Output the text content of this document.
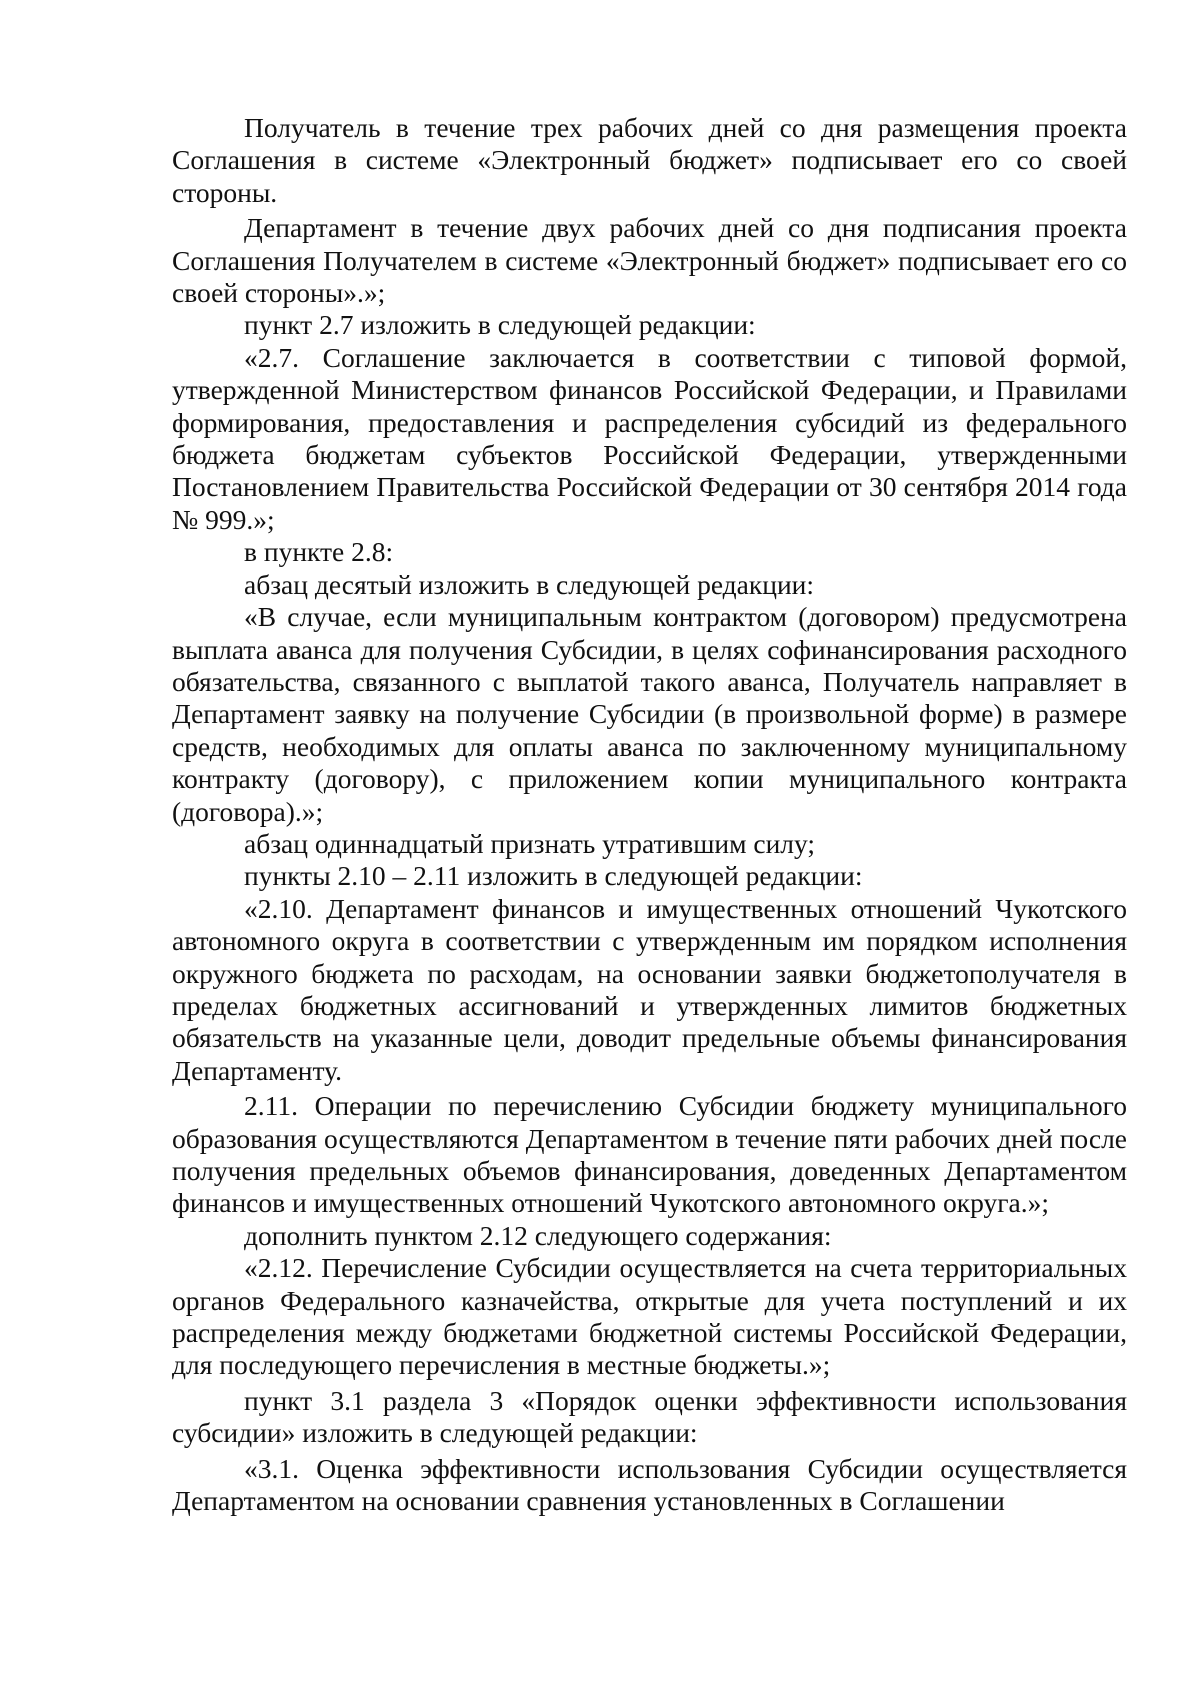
Получатель в течение трех рабочих дней со дня размещения проекта Соглашения в системе «Электронный бюджет» подписывает его со своей стороны.

Департамент в течение двух рабочих дней со дня подписания проекта Соглашения Получателем в системе «Электронный бюджет» подписывает его со своей стороны».»;

пункт 2.7 изложить в следующей редакции:

«2.7. Соглашение заключается в соответствии с типовой формой, утвержденной Министерством финансов Российской Федерации, и Правилами формирования, предоставления и распределения субсидий из федерального бюджета бюджетам субъектов Российской Федерации, утвержденными Постановлением Правительства Российской Федерации от 30 сентября 2014 года № 999.»;

в пункте 2.8:

абзац десятый изложить в следующей редакции:

«В случае, если муниципальным контрактом (договором) предусмотрена выплата аванса для получения Субсидии, в целях софинансирования расходного обязательства, связанного с выплатой такого аванса, Получатель направляет в Департамент заявку на получение Субсидии (в произвольной форме) в размере средств, необходимых для оплаты аванса по заключенному муниципальному контракту (договору), с приложением копии муниципального контракта (договора).»;

абзац одиннадцатый признать утратившим силу;

пункты 2.10 – 2.11 изложить в следующей редакции:

«2.10. Департамент финансов и имущественных отношений Чукотского автономного округа в соответствии с утвержденным им порядком исполнения окружного бюджета по расходам, на основании заявки бюджетополучателя в пределах бюджетных ассигнований и утвержденных лимитов бюджетных обязательств на указанные цели, доводит предельные объемы финансирования Департаменту.

2.11. Операции по перечислению Субсидии бюджету муниципального образования осуществляются Департаментом в течение пяти рабочих дней после получения предельных объемов финансирования, доведенных Департаментом финансов и имущественных отношений Чукотского автономного округа.»;

дополнить пунктом 2.12 следующего содержания:

«2.12. Перечисление Субсидии осуществляется на счета территориальных органов Федерального казначейства, открытые для учета поступлений и их распределения между бюджетами бюджетной системы Российской Федерации, для последующего перечисления в местные бюджеты.»;

пункт 3.1 раздела 3 «Порядок оценки эффективности использования субсидии» изложить в следующей редакции:

«3.1. Оценка эффективности использования Субсидии осуществляется Департаментом на основании сравнения установленных в Соглашении
